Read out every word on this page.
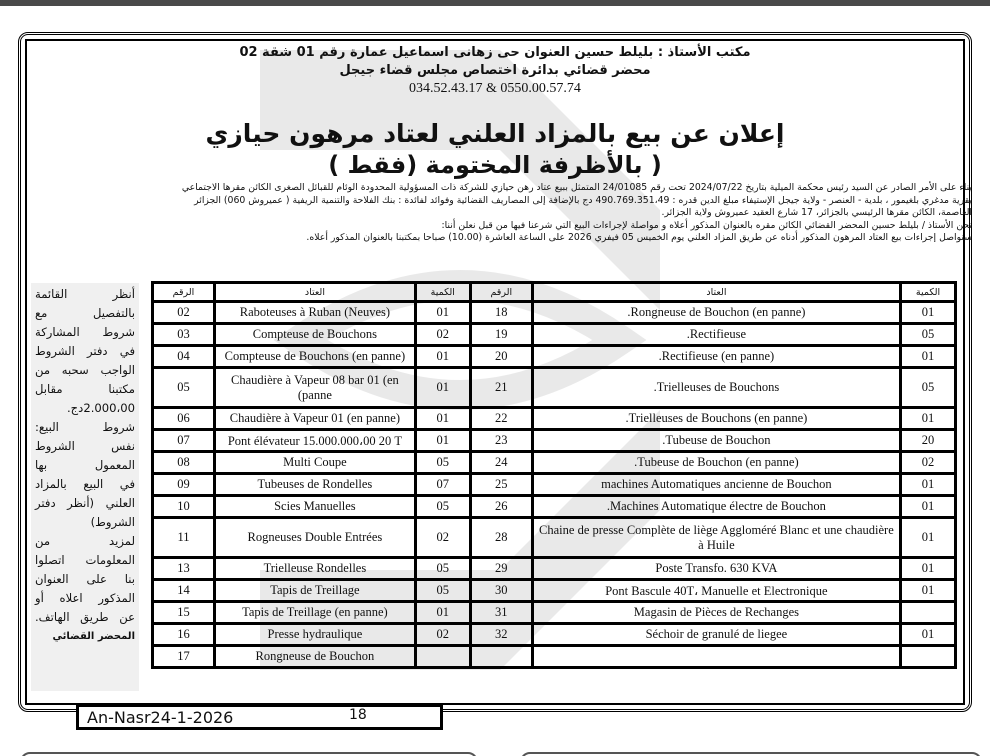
مكتب الأستاذ : بليلط حسين العنوان حى زهانى اسماعيل عمارة رقم 01 شقة 02
محضر قضائي بدائرة اختصاص مجلس قضاء جيجل
034.52.43.17 & 0550.00.57.74
إعلان عن بيع بالمزاد العلني لعتاد مرهون حيازي
( بالأظرفة المختومة (فقط )

بناء على الأمر الصادر عن السيد رئيس محكمة الميلية بتاريخ 2024/07/22 تحت رقم 24/01085 المتمثل ببيع عتاد رهن حيازي للشركة ذات المسؤولية المحدودة الوئام للقبائل الصغرى الكائن مقرها الاجتماعي

بقرية مدغري بلغيمور ، بلدية - العنصر - ولاية جيجل الإستيفاء مبلغ الدين قدره : 490.769.351،49 دج بالإضافة إلى المصاريف القضائية وفوائد لفائدة : بنك الفلاحة والتنمية الريفية ( عميروش 060) الجزائر

العاصمة، الكائن مقرها الرئيسي بالجزائر، 17 شارع العقيد عميروش ولاية الجزائر.

نحن الأستاذ / بليلط حسين المحضر القضائي الكائن مقره بالعنوان المذكور أعلاه و مواصلة لإجراءات البيع التي شرعنا فيها من قبل نعلن أننا:

سنواصل إجراءات بيع العتاد المرهون المذكور أدناه عن طريق المزاد العلني يوم الخميس 05 فيفري 2026 على الساعة العاشرة (10.00) صباحا بمكتبنا بالعنوان المذكور أعلاه.

أنظر القائمة
بالتفصيل مع
شروط المشاركة
في دفتر الشروط
الواجب سحبه من
مكتبنا مقابل
2.000،00دج.
شروط البيع:
نفس الشروط
المعمول بها
في البيع بالمزاد
العلني (أنظر دفتر
الشروط)
لمزيد من
المعلومات اتصلوا
بنا على العنوان
المذكور اعلاه أو
عن طريق الهاتف.
المحضر القضائي
الكمية	العتاد	الرقم	الكمية	العتاد	الرقم
01	Rongneuse de Bouchon (en panne).	18	01	Raboteuses à Ruban (Neuves)	02
05	Rectifieuse.	19	02	Compteuse de Bouchons	03
01	Rectifieuse (en panne).	20	01	(Compteuse de Bouchons (en panne	04
05	Trielleuses de Bouchons.	21	01	Chaudière à Vapeur 08 bar 01 (en (panne	05
01	Trielleuses de Bouchons (en panne).	22	01	(Chaudière à Vapeur 01 (en panne	06
20	Tubeuse de Bouchon.	23	01	Pont élévateur 15.000.000،00 20 T	07
02	Tubeuse de Bouchon (en panne).	24	05	Multi Coupe	08
01	machines Automatiques ancienne de Bouchon	25	07	Tubeuses de Rondelles	09
01	Machines Automatique électre de Bouchon.	26	05	Scies Manuelles	10
01	Chaine de presse Complète de liège Aggloméré Blanc et une chaudière à Huile	28	02	Rogneuses Double Entrées	11
01	Poste Transfo. 630 KVA	29	05	Trielleuse Rondelles	13
01	Pont Bascule 40T، Manuelle et Electronique	30	05	Tapis de Treillage	14
	Magasin de Pièces de Rechanges	31	01	Tapis de Treillage (en panne)	15
01	Séchoir de granulé de liegee	32	02	Presse hydraulique	16
				Rongneuse de Bouchon	17
An-Nasr24-1-2026	18
